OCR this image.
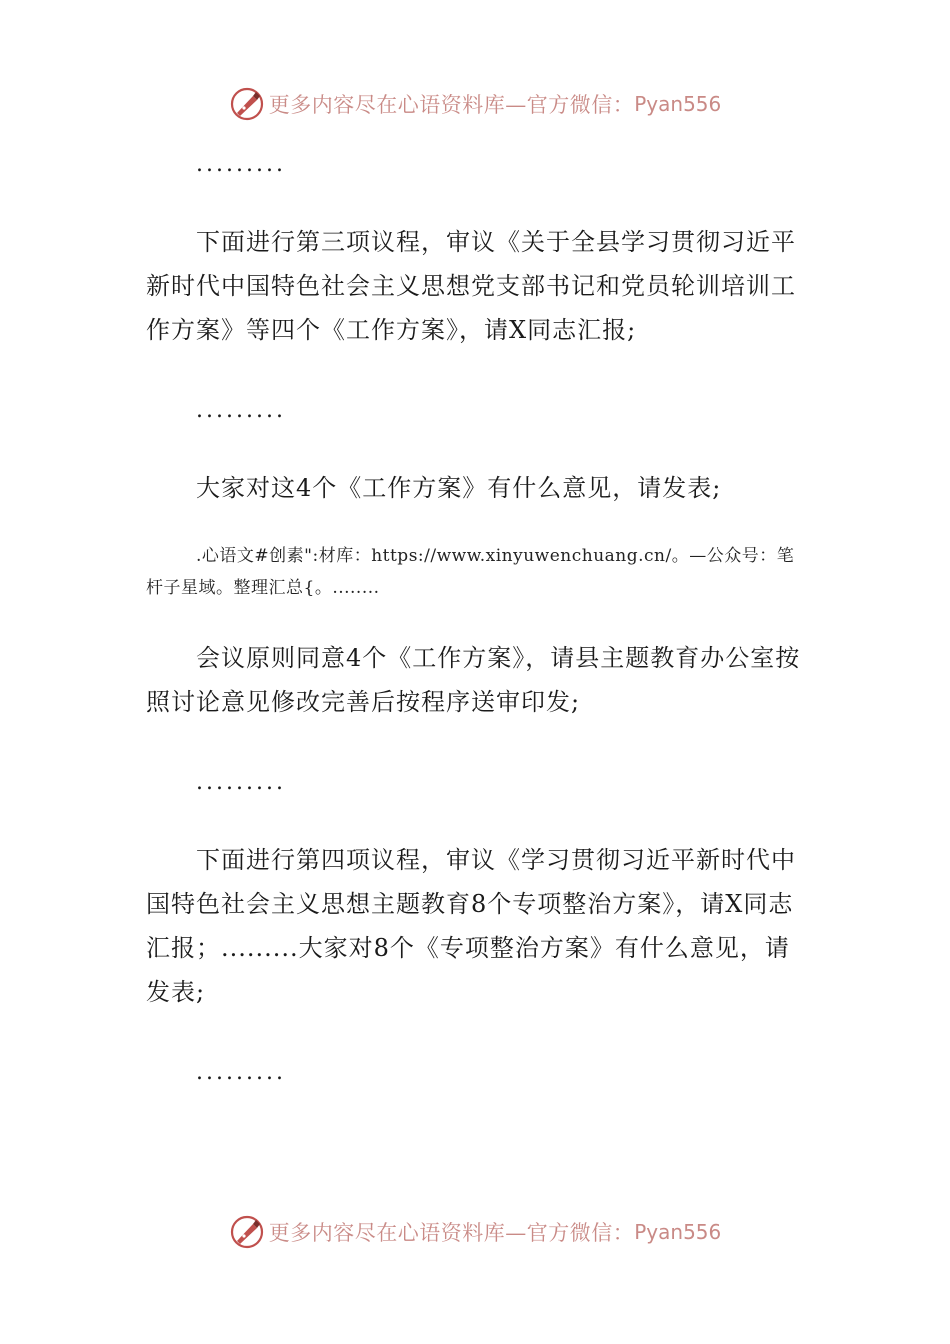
更多内容尽在心语资料库—官方微信： Pyan556

.........

下面进行第三项议程，审议《关于全县学习贯彻习近平新时代中国特色社会主义思想党支部书记和党员轮训培训工作方案》等四个《工作方案》，请X同志汇报;

.........

大家对这4个《工作方案》有什么意见，请发表;

.心语文#创素":材库：https://www.xinyuwenchuang.cn/。—公众号：笔杆子星域。整理汇总{。........

会议原则同意4个《工作方案》，请县主题教育办公室按照讨论意见修改完善后按程序送审印发;

.........

下面进行第四项议程，审议《学习贯彻习近平新时代中国特色社会主义思想主题教育8个专项整治方案》，请X同志汇报；.........大家对8个《专项整治方案》有什么意见，请发表;

.........

更多内容尽在心语资料库—官方微信： Pyan556
